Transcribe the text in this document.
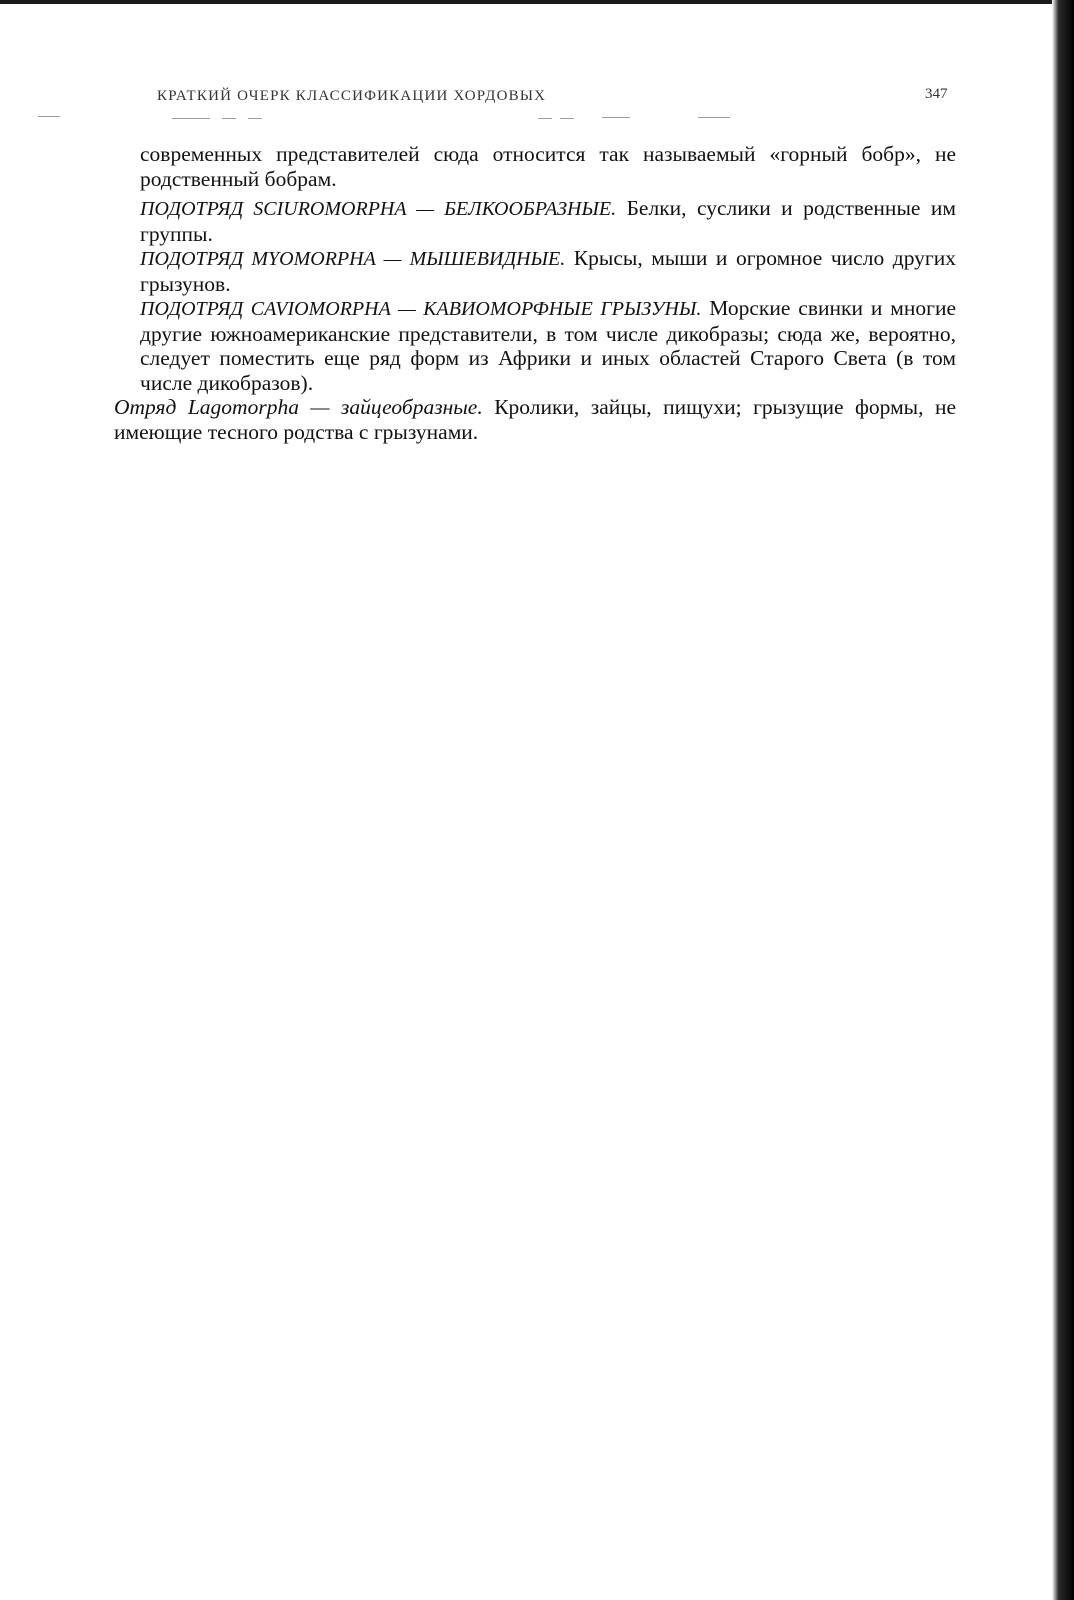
КРАТКИЙ ОЧЕРК КЛАССИФИКАЦИИ ХОРДОВЫХ	347

современных представителей сюда относится так называемый «горный бобр», не родственный бобрам.

ПОДОТРЯД SCIUROMORPHA — БЕЛКООБРАЗНЫЕ. Белки, суслики и родственные им группы.

ПОДОТРЯД MYOMORPHA — МЫШЕВИДНЫЕ. Крысы, мыши и огромное число других грызунов.

ПОДОТРЯД CAVIOMORPHA — КАВИОМОРФНЫЕ ГРЫЗУНЫ. Морские свинки и многие другие южноамериканские представители, в том числе дикобразы; сюда же, вероятно, следует поместить еще ряд форм из Африки и иных областей Старого Света (в том числе дикобразов).

Отряд Lagomorpha — зайцеобразные. Кролики, зайцы, пищухи; грызущие формы, не имеющие тесного родства с грызунами.
